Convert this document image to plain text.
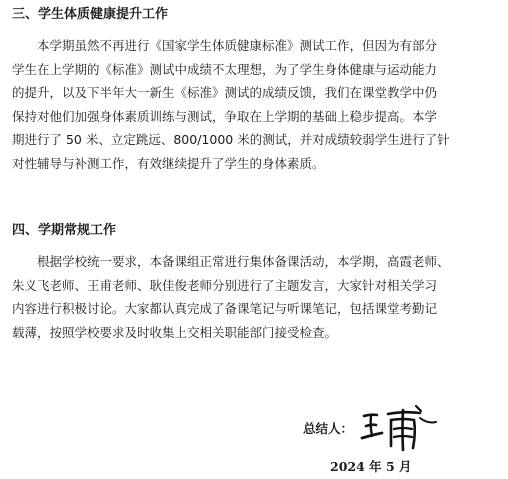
三、学生体质健康提升工作
本学期虽然不再进行《国家学生体质健康标准》测试工作，但因为有部分
学生在上学期的《标准》测试中成绩不太理想，为了学生身体健康与运动能力
的提升，以及下半年大一新生《标准》测试的成绩反馈，我们在课堂教学中仍
保持对他们加强身体素质训练与测试，争取在上学期的基础上稳步提高。本学
期进行了 50 米、立定跳远、800/1000 米的测试，并对成绩较弱学生进行了针
对性辅导与补测工作，有效继续提升了学生的身体素质。
四、学期常规工作
根据学校统一要求，本备课组正常进行集体备课活动，本学期，高霞老师、
朱义飞老师、王甫老师、耿佳俊老师分别进行了主题发言，大家针对相关学习
内容进行积极讨论。大家都认真完成了备课笔记与听课笔记，包括课堂考勤记
载薄，按照学校要求及时收集上交相关职能部门接受检查。
总结人：
2024 年 5 月
